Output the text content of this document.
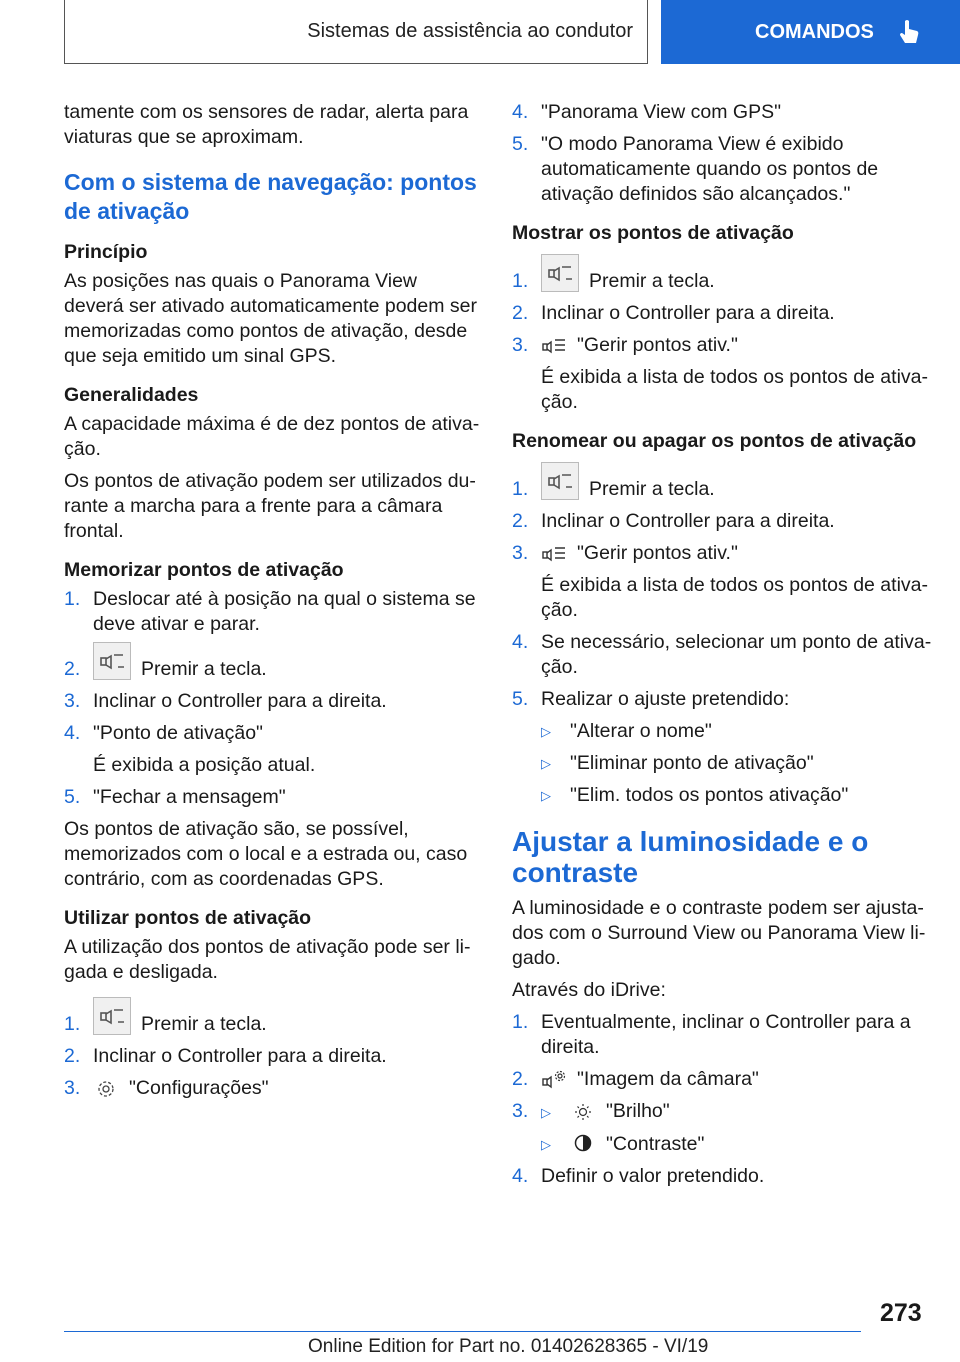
Sistemas de assistência ao condutor	COMANDOS

tamente com os sensores de radar, alerta para viaturas que se aproximam.

Com o sistema de navegação: pontos de ativação
Princípio

As posições nas quais o Panorama View deverá ser ativado automaticamente podem ser memorizadas como pontos de ativação, desde que seja emitido um sinal GPS.

Generalidades

A capacidade máxima é de dez pontos de ativação.

Os pontos de ativação podem ser utilizados durante a marcha para a frente para a câmara frontal.

Memorizar pontos de ativação
1. Deslocar até à posição na qual o sistema se deve ativar e parar.
2.	Premir a tecla.
3. Inclinar o Controller para a direita.
4. "Ponto de ativação"
É exibida a posição atual.
5. "Fechar a mensagem"

Os pontos de ativação são, se possível, memorizados com o local e a estrada ou, caso contrário, com as coordenadas GPS.

Utilizar pontos de ativação

A utilização dos pontos de ativação pode ser ligada e desligada.

1.	Premir a tecla.
2. Inclinar o Controller para a direita.
3.	"Configurações"
4. "Panorama View com GPS"
5. "O modo Panorama View é exibido automaticamente quando os pontos de ativação definidos são alcançados."
Mostrar os pontos de ativação
1.	Premir a tecla.
2. Inclinar o Controller para a direita.
3.	"Gerir pontos ativ."
É exibida a lista de todos os pontos de ativação.
Renomear ou apagar os pontos de ativação
1.	Premir a tecla.
2. Inclinar o Controller para a direita.
3.	"Gerir pontos ativ."
É exibida a lista de todos os pontos de ativação.
4. Se necessário, selecionar um ponto de ativação.
5. Realizar o ajuste pretendido:
▷ "Alterar o nome"
▷ "Eliminar ponto de ativação"
▷ "Elim. todos os pontos ativação"
Ajustar a luminosidade e o contraste

A luminosidade e o contraste podem ser ajustados com o Surround View ou Panorama View ligado.

Através do iDrive:

1. Eventualmente, inclinar o Controller para a direita.
2.	"Imagem da câmara"
3. ▷	"Brilho"
▷	"Contraste"
4. Definir o valor pretendido.
273
Online Edition for Part no. 01402628365 - VI/19
